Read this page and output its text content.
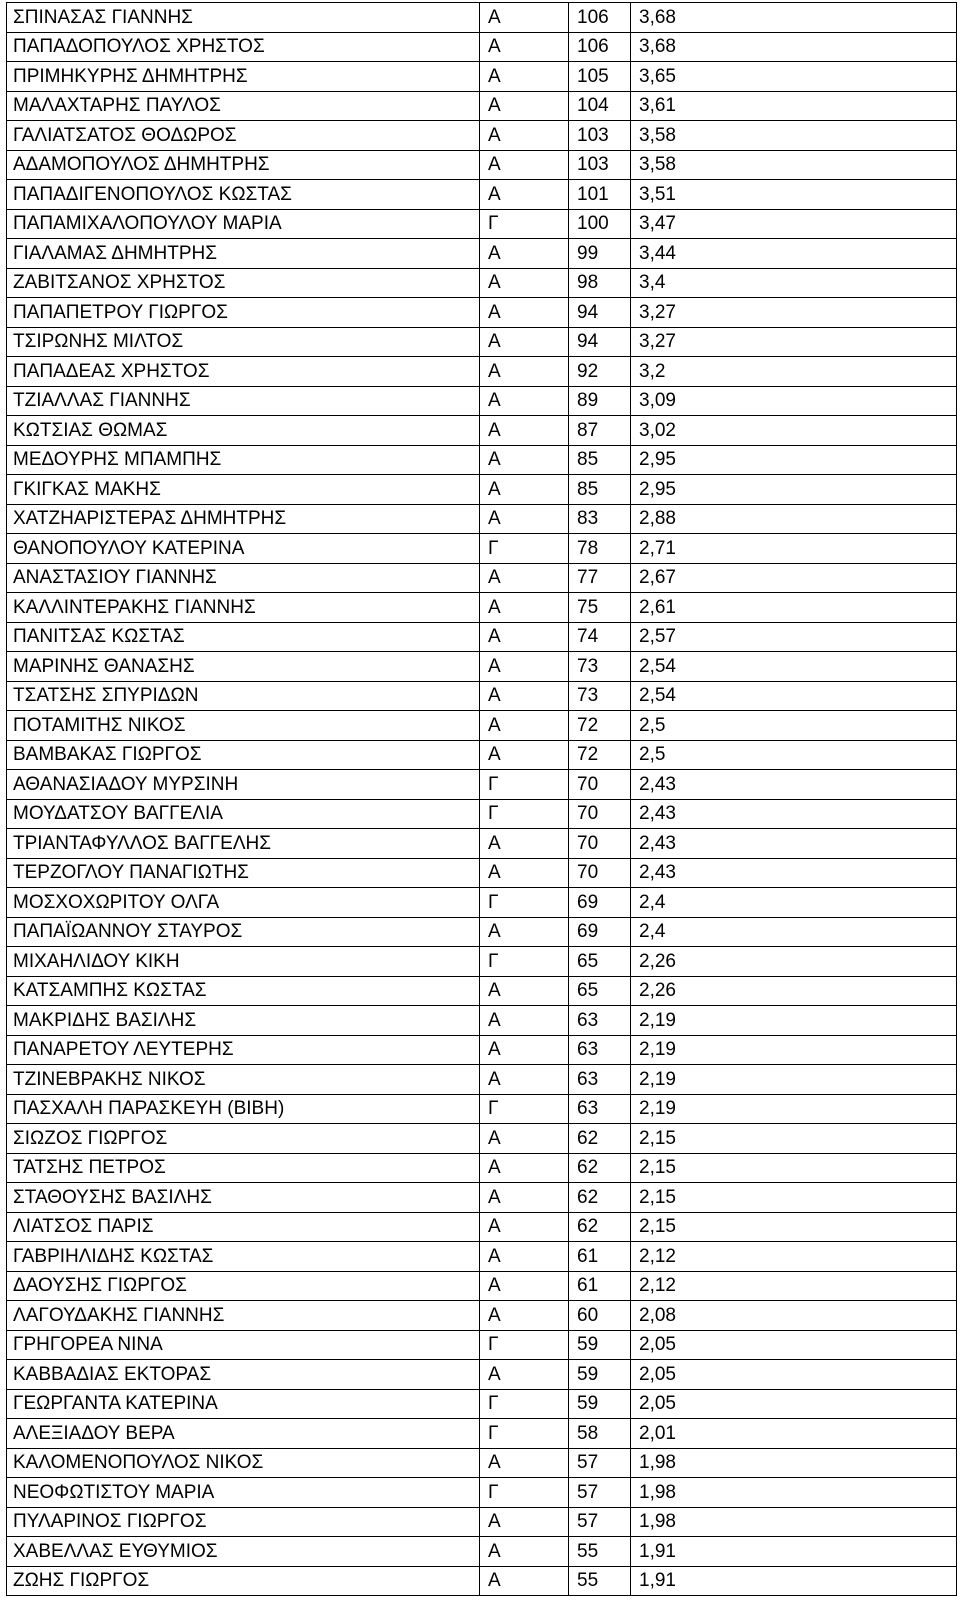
ΣΠΙΝΑΣΑΣ ΓΙΑΝΝΗΣ	Α	106	3,68
ΠΑΠΑΔΟΠΟΥΛΟΣ ΧΡΗΣΤΟΣ	Α	106	3,68
ΠΡΙΜΗΚΥΡΗΣ ΔΗΜΗΤΡΗΣ	Α	105	3,65
ΜΑΛΑΧΤΑΡΗΣ ΠΑΥΛΟΣ	Α	104	3,61
ΓΑΛΙΑΤΣΑΤΟΣ ΘΟΔΩΡΟΣ	Α	103	3,58
ΑΔΑΜΟΠΟΥΛΟΣ ΔΗΜΗΤΡΗΣ	Α	103	3,58
ΠΑΠΑΔΙΓΕΝΟΠΟΥΛΟΣ ΚΩΣΤΑΣ	Α	101	3,51
ΠΑΠΑΜΙΧΑΛΟΠΟΥΛΟΥ ΜΑΡΙΑ	Γ	100	3,47
ΓΙΑΛΑΜΑΣ ΔΗΜΗΤΡΗΣ	Α	99	3,44
ΖΑΒΙΤΣΑΝΟΣ ΧΡΗΣΤΟΣ	Α	98	3,4
ΠΑΠΑΠΕΤΡΟΥ ΓΙΩΡΓΟΣ	Α	94	3,27
ΤΣΙΡΩΝΗΣ ΜΙΛΤΟΣ	Α	94	3,27
ΠΑΠΑΔΕΑΣ ΧΡΗΣΤΟΣ	Α	92	3,2
ΤΖΙΑΛΛΑΣ ΓΙΑΝΝΗΣ	Α	89	3,09
ΚΩΤΣΙΑΣ ΘΩΜΑΣ	Α	87	3,02
ΜΕΔΟΥΡΗΣ ΜΠΑΜΠΗΣ	Α	85	2,95
ΓΚΙΓΚΑΣ ΜΑΚΗΣ	Α	85	2,95
ΧΑΤΖΗΑΡΙΣΤΕΡΑΣ ΔΗΜΗΤΡΗΣ	Α	83	2,88
ΘΑΝΟΠΟΥΛΟΥ ΚΑΤΕΡΙΝΑ	Γ	78	2,71
ΑΝΑΣΤΑΣΙΟΥ ΓΙΑΝΝΗΣ	Α	77	2,67
ΚΑΛΛΙΝΤΕΡΑΚΗΣ ΓΙΑΝΝΗΣ	Α	75	2,61
ΠΑΝΙΤΣΑΣ ΚΩΣΤΑΣ	Α	74	2,57
ΜΑΡΙΝΗΣ ΘΑΝΑΣΗΣ	Α	73	2,54
ΤΣΑΤΣΗΣ ΣΠΥΡΙΔΩΝ	Α	73	2,54
ΠΟΤΑΜΙΤΗΣ ΝΙΚΟΣ	Α	72	2,5
ΒΑΜΒΑΚΑΣ ΓΙΩΡΓΟΣ	Α	72	2,5
ΑΘΑΝΑΣΙΑΔΟΥ ΜΥΡΣΙΝΗ	Γ	70	2,43
ΜΟΥΔΑΤΣΟΥ ΒΑΓΓΕΛΙΑ	Γ	70	2,43
ΤΡΙΑΝΤΑΦΥΛΛΟΣ ΒΑΓΓΕΛΗΣ	Α	70	2,43
ΤΕΡΖΟΓΛΟΥ ΠΑΝΑΓΙΩΤΗΣ	Α	70	2,43
ΜΟΣΧΟΧΩΡΙΤΟΥ ΟΛΓΑ	Γ	69	2,4
ΠΑΠΑΪΩΑΝΝΟΥ ΣΤΑΥΡΟΣ	Α	69	2,4
ΜΙΧΑΗΛΙΔΟΥ ΚΙΚΗ	Γ	65	2,26
ΚΑΤΣΑΜΠΗΣ ΚΩΣΤΑΣ	Α	65	2,26
ΜΑΚΡΙΔΗΣ ΒΑΣΙΛΗΣ	Α	63	2,19
ΠΑΝΑΡΕΤΟΥ ΛΕΥΤΕΡΗΣ	Α	63	2,19
ΤΖΙΝΕΒΡΑΚΗΣ ΝΙΚΟΣ	Α	63	2,19
ΠΑΣΧΑΛΗ ΠΑΡΑΣΚΕΥΗ (ΒΙΒΗ)	Γ	63	2,19
ΣΙΩΖΟΣ ΓΙΩΡΓΟΣ	Α	62	2,15
ΤΑΤΣΗΣ ΠΕΤΡΟΣ	Α	62	2,15
ΣΤΑΘΟΥΣΗΣ ΒΑΣΙΛΗΣ	Α	62	2,15
ΛΙΑΤΣΟΣ ΠΑΡΙΣ	Α	62	2,15
ΓΑΒΡΙΗΛΙΔΗΣ ΚΩΣΤΑΣ	Α	61	2,12
ΔΑΟΥΣΗΣ ΓΙΩΡΓΟΣ	Α	61	2,12
ΛΑΓΟΥΔΑΚΗΣ ΓΙΑΝΝΗΣ	Α	60	2,08
ΓΡΗΓΟΡΕΑ ΝΙΝΑ	Γ	59	2,05
ΚΑΒΒΑΔΙΑΣ ΕΚΤΟΡΑΣ	Α	59	2,05
ΓΕΩΡΓΑΝΤΑ ΚΑΤΕΡΙΝΑ	Γ	59	2,05
ΑΛΕΞΙΑΔΟΥ ΒΕΡΑ	Γ	58	2,01
ΚΑΛΟΜΕΝΟΠΟΥΛΟΣ ΝΙΚΟΣ	Α	57	1,98
ΝΕΟΦΩΤΙΣΤΟΥ ΜΑΡΙΑ	Γ	57	1,98
ΠΥΛΑΡΙΝΟΣ ΓΙΩΡΓΟΣ	Α	57	1,98
ΧΑΒΕΛΛΑΣ ΕΥΘΥΜΙΟΣ	Α	55	1,91
ΖΩΗΣ ΓΙΩΡΓΟΣ	Α	55	1,91
